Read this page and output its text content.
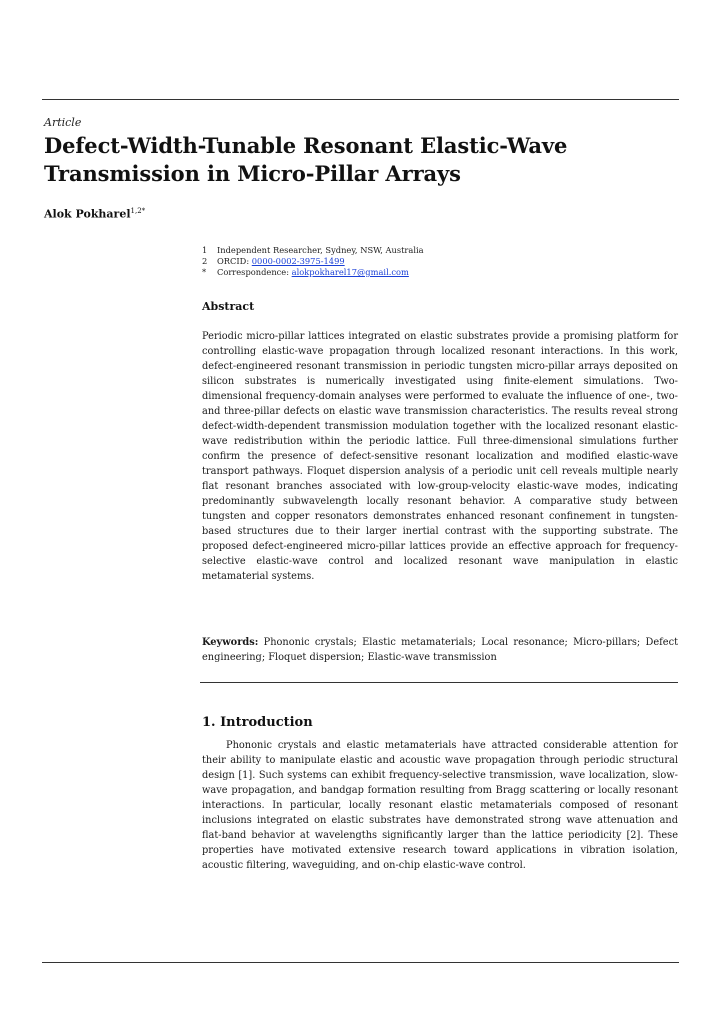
Article
Defect-Width-Tunable Resonant Elastic-Wave Transmission in Micro-Pillar Arrays
Alok Pokharel$^{1,2*}$
1	Independent Researcher, Sydney, NSW, Australia
2	ORCID: 0000-0002-3975-1499
*	Correspondence: alokpokharel17@gmail.com
Abstract

Periodic micro-pillar lattices integrated on elastic substrates provide a promising platform for controlling elastic-wave propagation through localized resonant interactions. In this work, defect-engineered resonant transmission in periodic tungsten micro-pillar arrays deposited on silicon substrates is numerically investigated using finite-element simulations. Two-dimensional frequency-domain analyses were performed to evaluate the influence of one-, two- and three-pillar defects on elastic wave transmission characteristics. The results reveal strong defect-width-dependent transmission modulation together with the localized resonant elastic-wave redistribution within the periodic lattice. Full three-dimensional simulations further confirm the presence of defect-sensitive resonant localization and modified elastic-wave transport pathways. Floquet dispersion analysis of a periodic unit cell reveals multiple nearly flat resonant branches associated with low-group-velocity elastic-wave modes, indicating predominantly subwavelength locally resonant behavior. A comparative study between tungsten and copper resonators demonstrates enhanced resonant confinement in tungsten-based structures due to their larger inertial contrast with the supporting substrate. The proposed defect-engineered micro-pillar lattices provide an effective approach for frequency-selective elastic-wave control and localized resonant wave manipulation in elastic metamaterial systems.

Keywords: Phononic crystals; Elastic metamaterials; Local resonance; Micro-pillars; Defect engineering; Floquet dispersion; Elastic-wave transmission

1. Introduction

Phononic crystals and elastic metamaterials have attracted considerable attention for their ability to manipulate elastic and acoustic wave propagation through periodic structural design [1]. Such systems can exhibit frequency-selective transmission, wave localization, slow-wave propagation, and bandgap formation resulting from Bragg scattering or locally resonant interactions. In particular, locally resonant elastic metamaterials composed of resonant inclusions integrated on elastic substrates have demonstrated strong wave attenuation and flat-band behavior at wavelengths significantly larger than the lattice periodicity [2]. These properties have motivated extensive research toward applications in vibration isolation, acoustic filtering, waveguiding, and on-chip elastic-wave control.
